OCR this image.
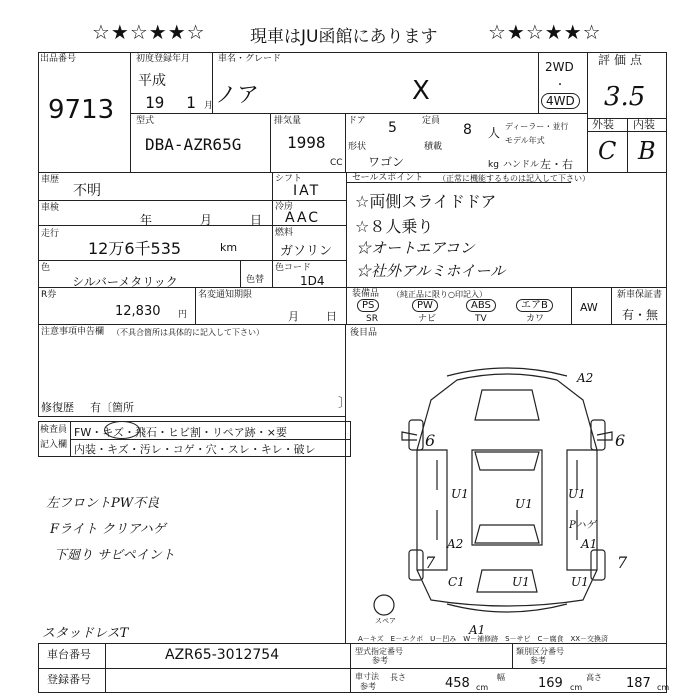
☆★☆★★☆	現車はJU函館にあります	☆★☆★★☆
出品番号
9713
初度登録年月
平成
19 1 月
車名・グレード
ノア	X
2WD
・
4WD
評価点
3.5
外装 内装
C B
型式
DBA-AZR65G
排気量
1998
CC
ドア 5	定員
8 人 ディーラー・並行
モデル年式
形状
ワゴン
積載
kg ハンドル 左・右
車歴
不明
車検
年	月	日
走行
12万6千535	km
色
シルバーメタリック	色替
シフト
IAT
冷房
AAC
燃料
ガソリン
色コード
1D4
セールスポイント （正常に機能するものは記入して下さい）
☆両側スライドドア
☆８人乗り
☆オートエアコン
☆社外アルミホイール
R券
12,830 円
名変通知期限
月 日
装備品 （純正品に限り○印記入）
PS
SR
PW
ナビ
ABS
TV
エアB
カワ
AW
新車保証書
有・無
注意事項申告欄 （不具合箇所は具体的に記入して下さい）
修復歴 有〔箇所	〕
後目品
検査員
記入欄
FW・キズ・飛石・ヒビ割・リペア跡・×要
内装・キズ・汚レ・コゲ・穴・スレ・キレ・破レ
左フロントPW不良
Fライト クリアハゲ
下廻り サビペイント
スタッドレスT
A2
6	6
U1
U1
U1
A2
Pハゲ
A1
7
C1	U1	U1
7
A1
スペア
A－キズ　E－エクボ　U－凹み　W－補修跡　S－サビ　C－腐食　XX－交換済
車台番号	AZR65-3012754
登録番号
型式指定番号
参考
類別区分番号
参考
車寸法
参考
長さ	458 cm
幅	169 cm
高さ 187 cm
